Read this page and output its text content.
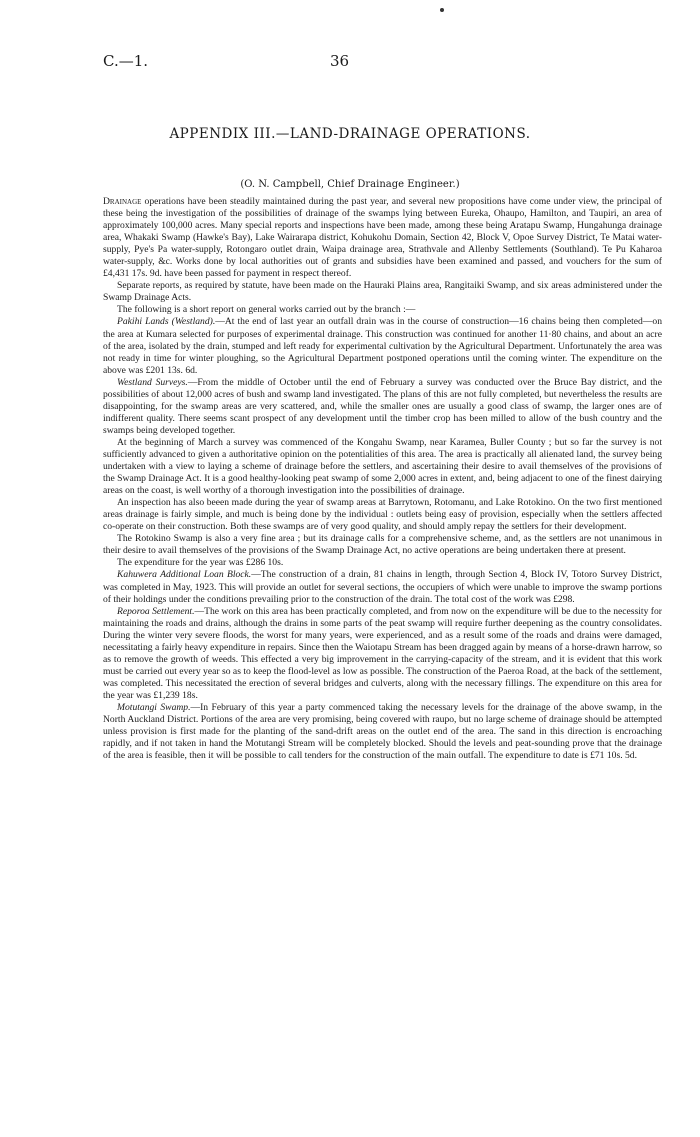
C.—1.	36
APPENDIX III.—LAND-DRAINAGE OPERATIONS.
(O. N. Campbell, Chief Drainage Engineer.)

Drainage operations have been steadily maintained during the past year, and several new propositions have come under view, the principal of these being the investigation of the possibilities of drainage of the swamps lying between Eureka, Ohaupo, Hamilton, and Taupiri, an area of approximately 100,000 acres. Many special reports and inspections have been made, among these being Aratapu Swamp, Hungahunga drainage area, Whakaki Swamp (Hawke's Bay), Lake Wairarapa district, Kohukohu Domain, Section 42, Block V, Opoe Survey District, Te Matai water-supply, Pye's Pa water-supply, Rotongaro outlet drain, Waipa drainage area, Strathvale and Allenby Settlements (Southland). Te Pu Kaharoa water-supply, &c. Works done by local authorities out of grants and subsidies have been examined and passed, and vouchers for the sum of £4,431 17s. 9d. have been passed for payment in respect thereof.

Separate reports, as required by statute, have been made on the Hauraki Plains area, Rangitaiki Swamp, and six areas administered under the Swamp Drainage Acts.

The following is a short report on general works carried out by the branch :—

Pakihi Lands (Westland).—At the end of last year an outfall drain was in the course of construction—16 chains being then completed—on the area at Kumara selected for purposes of experimental drainage. This construction was continued for another 11·80 chains, and about an acre of the area, isolated by the drain, stumped and left ready for experimental cultivation by the Agricultural Department. Unfortunately the area was not ready in time for winter ploughing, so the Agricultural Department postponed operations until the coming winter. The expenditure on the above was £201 13s. 6d.

Westland Surveys.—From the middle of October until the end of February a survey was conducted over the Bruce Bay district, and the possibilities of about 12,000 acres of bush and swamp land investigated. The plans of this are not fully completed, but nevertheless the results are disappointing, for the swamp areas are very scattered, and, while the smaller ones are usually a good class of swamp, the larger ones are of indifferent quality. There seems scant prospect of any development until the timber crop has been milled to allow of the bush country and the swamps being developed together.

At the beginning of March a survey was commenced of the Kongahu Swamp, near Karamea, Buller County ; but so far the survey is not sufficiently advanced to given a authoritative opinion on the potentialities of this area. The area is practically all alienated land, the survey being undertaken with a view to laying a scheme of drainage before the settlers, and ascertaining their desire to avail themselves of the provisions of the Swamp Drainage Act. It is a good healthy-looking peat swamp of some 2,000 acres in extent, and, being adjacent to one of the finest dairying areas on the coast, is well worthy of a thorough investigation into the possibilities of drainage.

An inspection has also beeen made during the year of swamp areas at Barrytown, Rotomanu, and Lake Rotokino. On the two first mentioned areas drainage is fairly simple, and much is being done by the individual : outlets being easy of provision, especially when the settlers affected co-operate on their construction. Both these swamps are of very good quality, and should amply repay the settlers for their development.

The Rotokino Swamp is also a very fine area ; but its drainage calls for a comprehensive scheme, and, as the settlers are not unanimous in their desire to avail themselves of the provisions of the Swamp Drainage Act, no active operations are being undertaken there at present.

The expenditure for the year was £286 10s.

Kahuwera Additional Loan Block.—The construction of a drain, 81 chains in length, through Section 4, Block IV, Totoro Survey District, was completed in May, 1923. This will provide an outlet for several sections, the occupiers of which were unable to improve the swamp portions of their holdings under the conditions prevailing prior to the construction of the drain. The total cost of the work was £298.

Reporoa Settlement.—The work on this area has been practically completed, and from now on the expenditure will be due to the necessity for maintaining the roads and drains, although the drains in some parts of the peat swamp will require further deepening as the country consolidates. During the winter very severe floods, the worst for many years, were experienced, and as a result some of the roads and drains were damaged, necessitating a fairly heavy expenditure in repairs. Since then the Waiotapu Stream has been dragged again by means of a horse-drawn harrow, so as to remove the growth of weeds. This effected a very big improvement in the carrying-capacity of the stream, and it is evident that this work must be carried out every year so as to keep the flood-level as low as possible. The construction of the Paeroa Road, at the back of the settlement, was completed. This necessitated the erection of several bridges and culverts, along with the necessary fillings. The expenditure on this area for the year was £1,239 18s.

Motutangi Swamp.—In February of this year a party commenced taking the necessary levels for the drainage of the above swamp, in the North Auckland District. Portions of the area are very promising, being covered with raupo, but no large scheme of drainage should be attempted unless provision is first made for the planting of the sand-drift areas on the outlet end of the area. The sand in this direction is encroaching rapidly, and if not taken in hand the Motutangi Stream will be completely blocked. Should the levels and peat-sounding prove that the drainage of the area is feasible, then it will be possible to call tenders for the construction of the main outfall. The expenditure to date is £71 10s. 5d.
